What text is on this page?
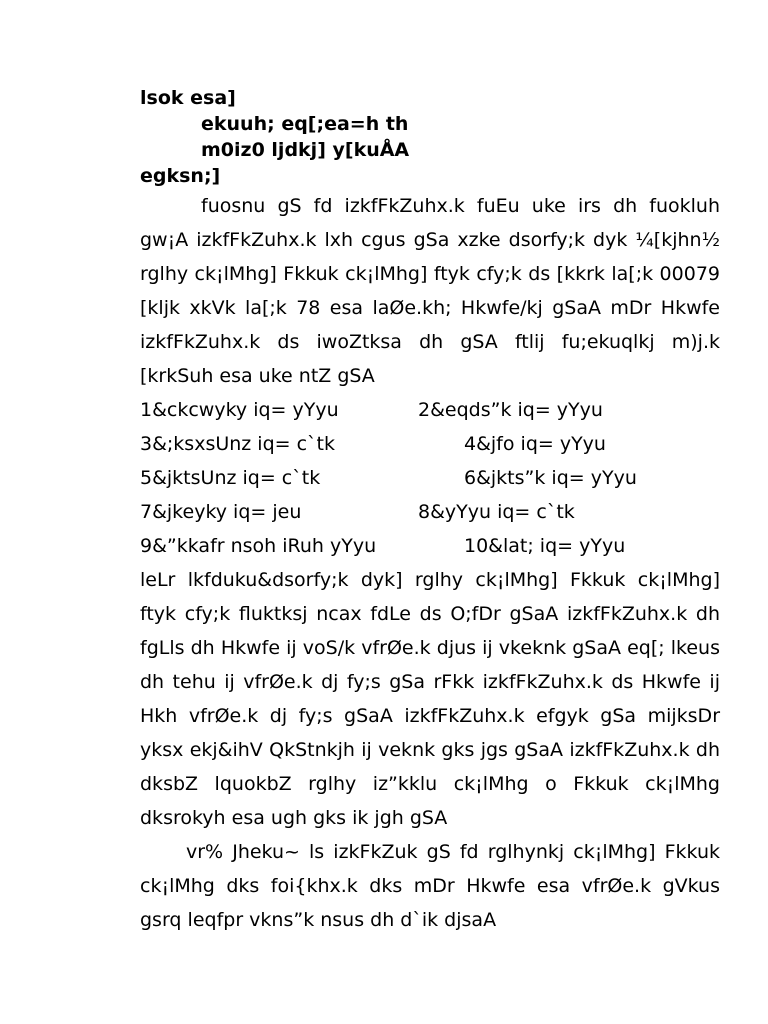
lsok esa]
ekuuh; eq[;ea=h th
m0iz0 ljdkj] y[kuÅA
egksn;]

fuosnu gS fd izkfFkZuhx.k fuEu uke irs dh fuokluh gw¡A izkfFkZuhx.k lxh cgus gSa xzke dsorfy;k dyk ¼[kjhn½ rglhy ck¡lMhg] Fkkuk ck¡lMhg] ftyk cfy;k ds [kkrk la[;k 00079 [kljk xkVk la[;k 78 esa laØe.kh; Hkwfe/kj gSaA mDr Hkwfe izkfFkZuhx.k ds iwoZtksa dh gSA ftlij fu;ekuqlkj m)j.k [krkSuh esa uke ntZ gSA

1&ckcwyky iq= yYyu	2&eqds”k iq= yYyu
3&;ksxsUnz iq= c`tk	4&jfo iq= yYyu
5&jktsUnz iq= c`tk	6&jkts”k iq= yYyu
7&jkeyky iq= jeu	8&yYyu iq= c`tk
9&”kkafr nsoh iRuh yYyu	10&lat; iq= yYyu

leLr lkfduku&dsorfy;k dyk] rglhy ck¡lMhg] Fkkuk ck¡lMhg] ftyk cfy;k fluktksj ncax fdLe ds O;fDr gSaA izkfFkZuhx.k dh fgLls dh Hkwfe ij voS/k vfrØe.k djus ij vkeknk gSaA eq[; lkeus dh tehu ij vfrØe.k dj fy;s gSa rFkk izkfFkZuhx.k ds Hkwfe ij Hkh vfrØe.k dj fy;s gSaA izkfFkZuhx.k efgyk gSa mijksDr yksx ekj&ihV QkStnkjh ij veknk gks jgs gSaA izkfFkZuhx.k dh dksbZ lquokbZ rglhy iz”kklu ck¡lMhg o Fkkuk ck¡lMhg dksrokyh esa ugh gks ik jgh gSA

vr% Jheku~ ls izkFkZuk gS fd rglhynkj ck¡lMhg] Fkkuk ck¡lMhg dks foi{khx.k dks mDr Hkwfe esa vfrØe.k gVkus gsrq leqfpr vkns”k nsus dh d`ik djsaA
